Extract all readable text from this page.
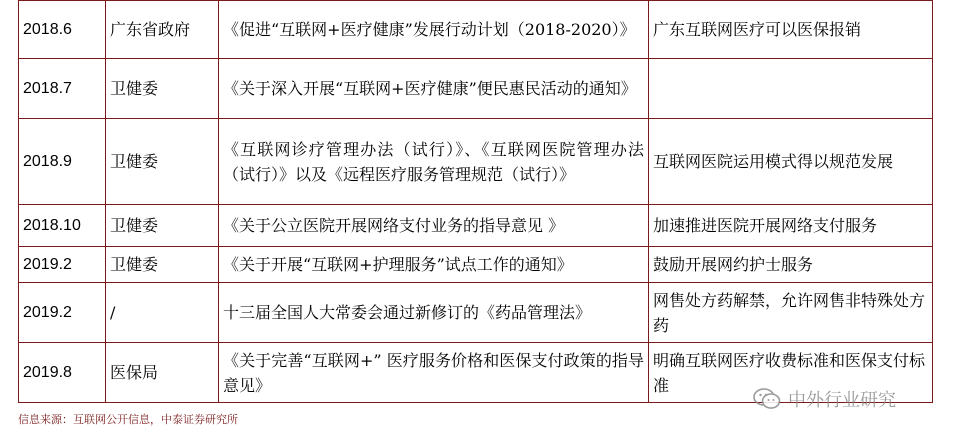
2018.6	广东省政府	《促进“互联网+医疗健康”发展行动计划（2018-2020）》	广东互联网医疗可以医保报销
2018.7	卫健委	《关于深入开展“互联网+医疗健康”便民惠民活动的通知》	
2018.9	卫健委	《互联网诊疗管理办法（试行）》、《互联网医院管理办法（试行）》以及《远程医疗服务管理规范（试行）》	互联网医院运用模式得以规范发展
2018.10	卫健委	《关于公立医院开展网络支付业务的指导意见 》	加速推进医院开展网络支付服务
2019.2	卫健委	《关于开展“互联网+护理服务”试点工作的通知》	鼓励开展网约护士服务
2019.2	/	十三届全国人大常委会通过新修订的《药品管理法》	网售处方药解禁，允许网售非特殊处方药
2019.8	医保局	《关于完善“互联网+” 医疗服务价格和医保支付政策的指导意见》	明确互联网医疗收费标准和医保支付标准
信息来源：互联网公开信息，中泰证券研究所
中外行业研究
